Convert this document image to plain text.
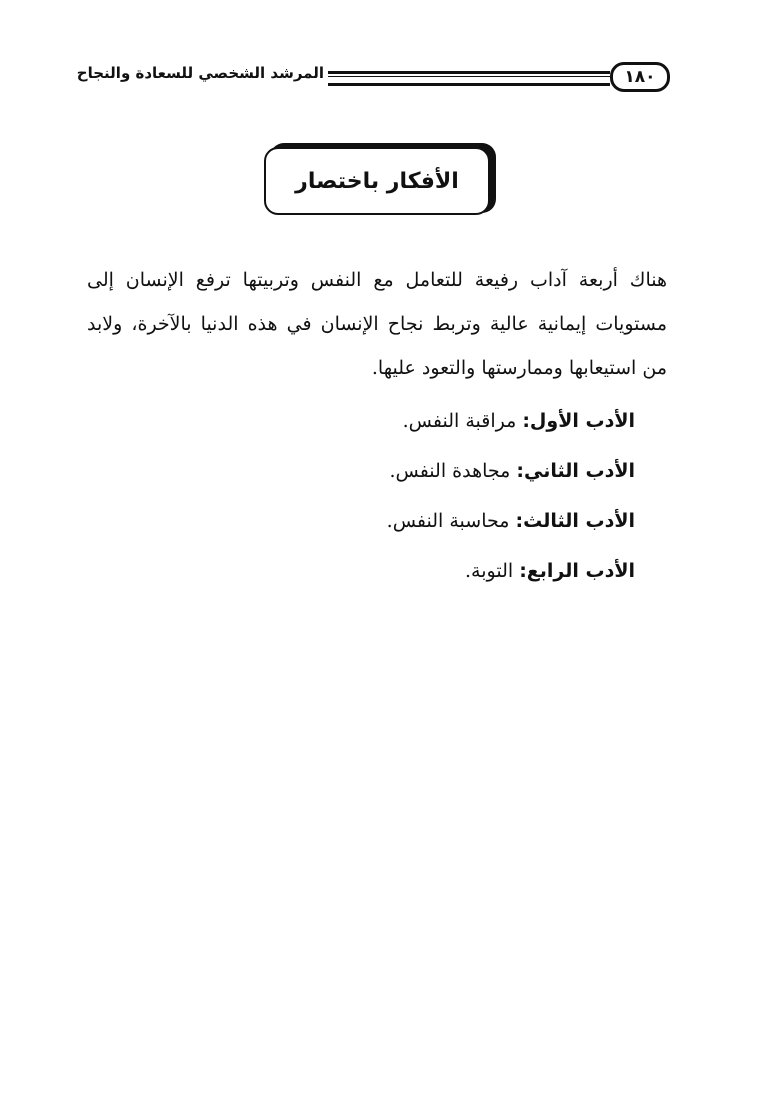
١٨٠
المرشد الشخصي للسعادة والنجاح
الأفكار باختصار

هناك أربعة آداب رفيعة للتعامل مع النفس وتربيتها ترفع الإنسان إلى مستويات إيمانية عالية وتربط نجاح الإنسان في هذه الدنيا بالآخرة، ولابد من استيعابها وممارستها والتعود عليها.

الأدب الأول: مراقبة النفس.
الأدب الثاني: مجاهدة النفس.
الأدب الثالث: محاسبة النفس.
الأدب الرابع: التوبة.
